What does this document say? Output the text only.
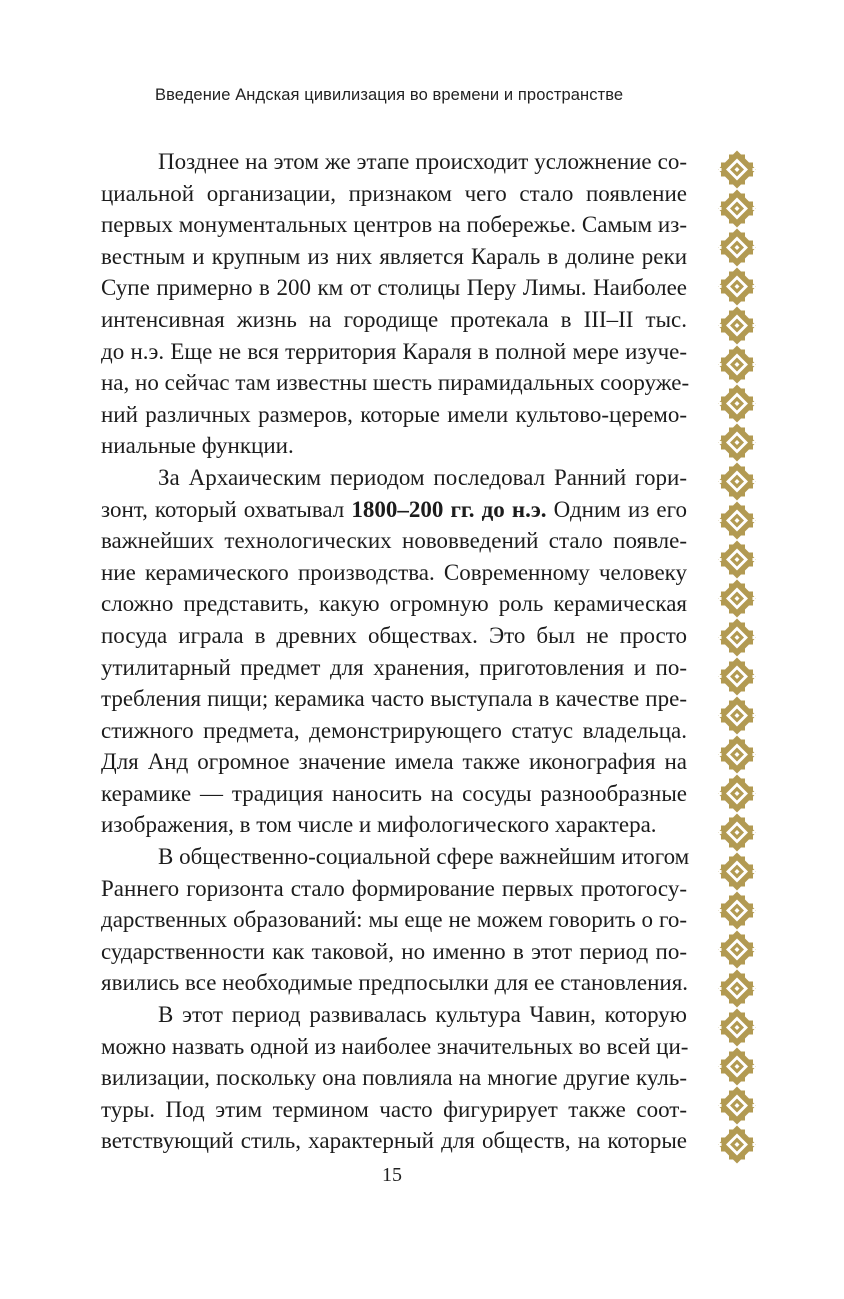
Введение Андская цивилизация во времени и пространстве
Позднее на этом же этапе происходит усложнение со-
циальной организации, признаком чего стало появление
первых монументальных центров на побережье. Самым из-
вестным и крупным из них является Караль в долине реки
Супе примерно в 200 км от столицы Перу Лимы. Наиболее
интенсивная жизнь на городище протекала в III–II тыс.
до н.э. Еще не вся территория Караля в полной мере изуче-
на, но сейчас там известны шесть пирамидальных сооруже-
ний различных размеров, которые имели культово-церемо-
ниальные функции.
За Архаическим периодом последовал Ранний гори-
зонт, который охватывал 1800–200 гг. до н.э. Одним из его
важнейших технологических нововведений стало появле-
ние керамического производства. Современному человеку
сложно представить, какую огромную роль керамическая
посуда играла в древних обществах. Это был не просто
утилитарный предмет для хранения, приготовления и по-
требления пищи; керамика часто выступала в качестве пре-
стижного предмета, демонстрирующего статус владельца.
Для Анд огромное значение имела также иконография на
керамике — традиция наносить на сосуды разнообразные
изображения, в том числе и мифологического характера.
В общественно-социальной сфере важнейшим итогом
Раннего горизонта стало формирование первых протогосу-
дарственных образований: мы еще не можем говорить о го-
сударственности как таковой, но именно в этот период по-
явились все необходимые предпосылки для ее становления.
В этот период развивалась культура Чавин, которую
можно назвать одной из наиболее значительных во всей ци-
вилизации, поскольку она повлияла на многие другие куль-
туры. Под этим термином часто фигурирует также соот-
ветствующий стиль, характерный для обществ, на которые
15
